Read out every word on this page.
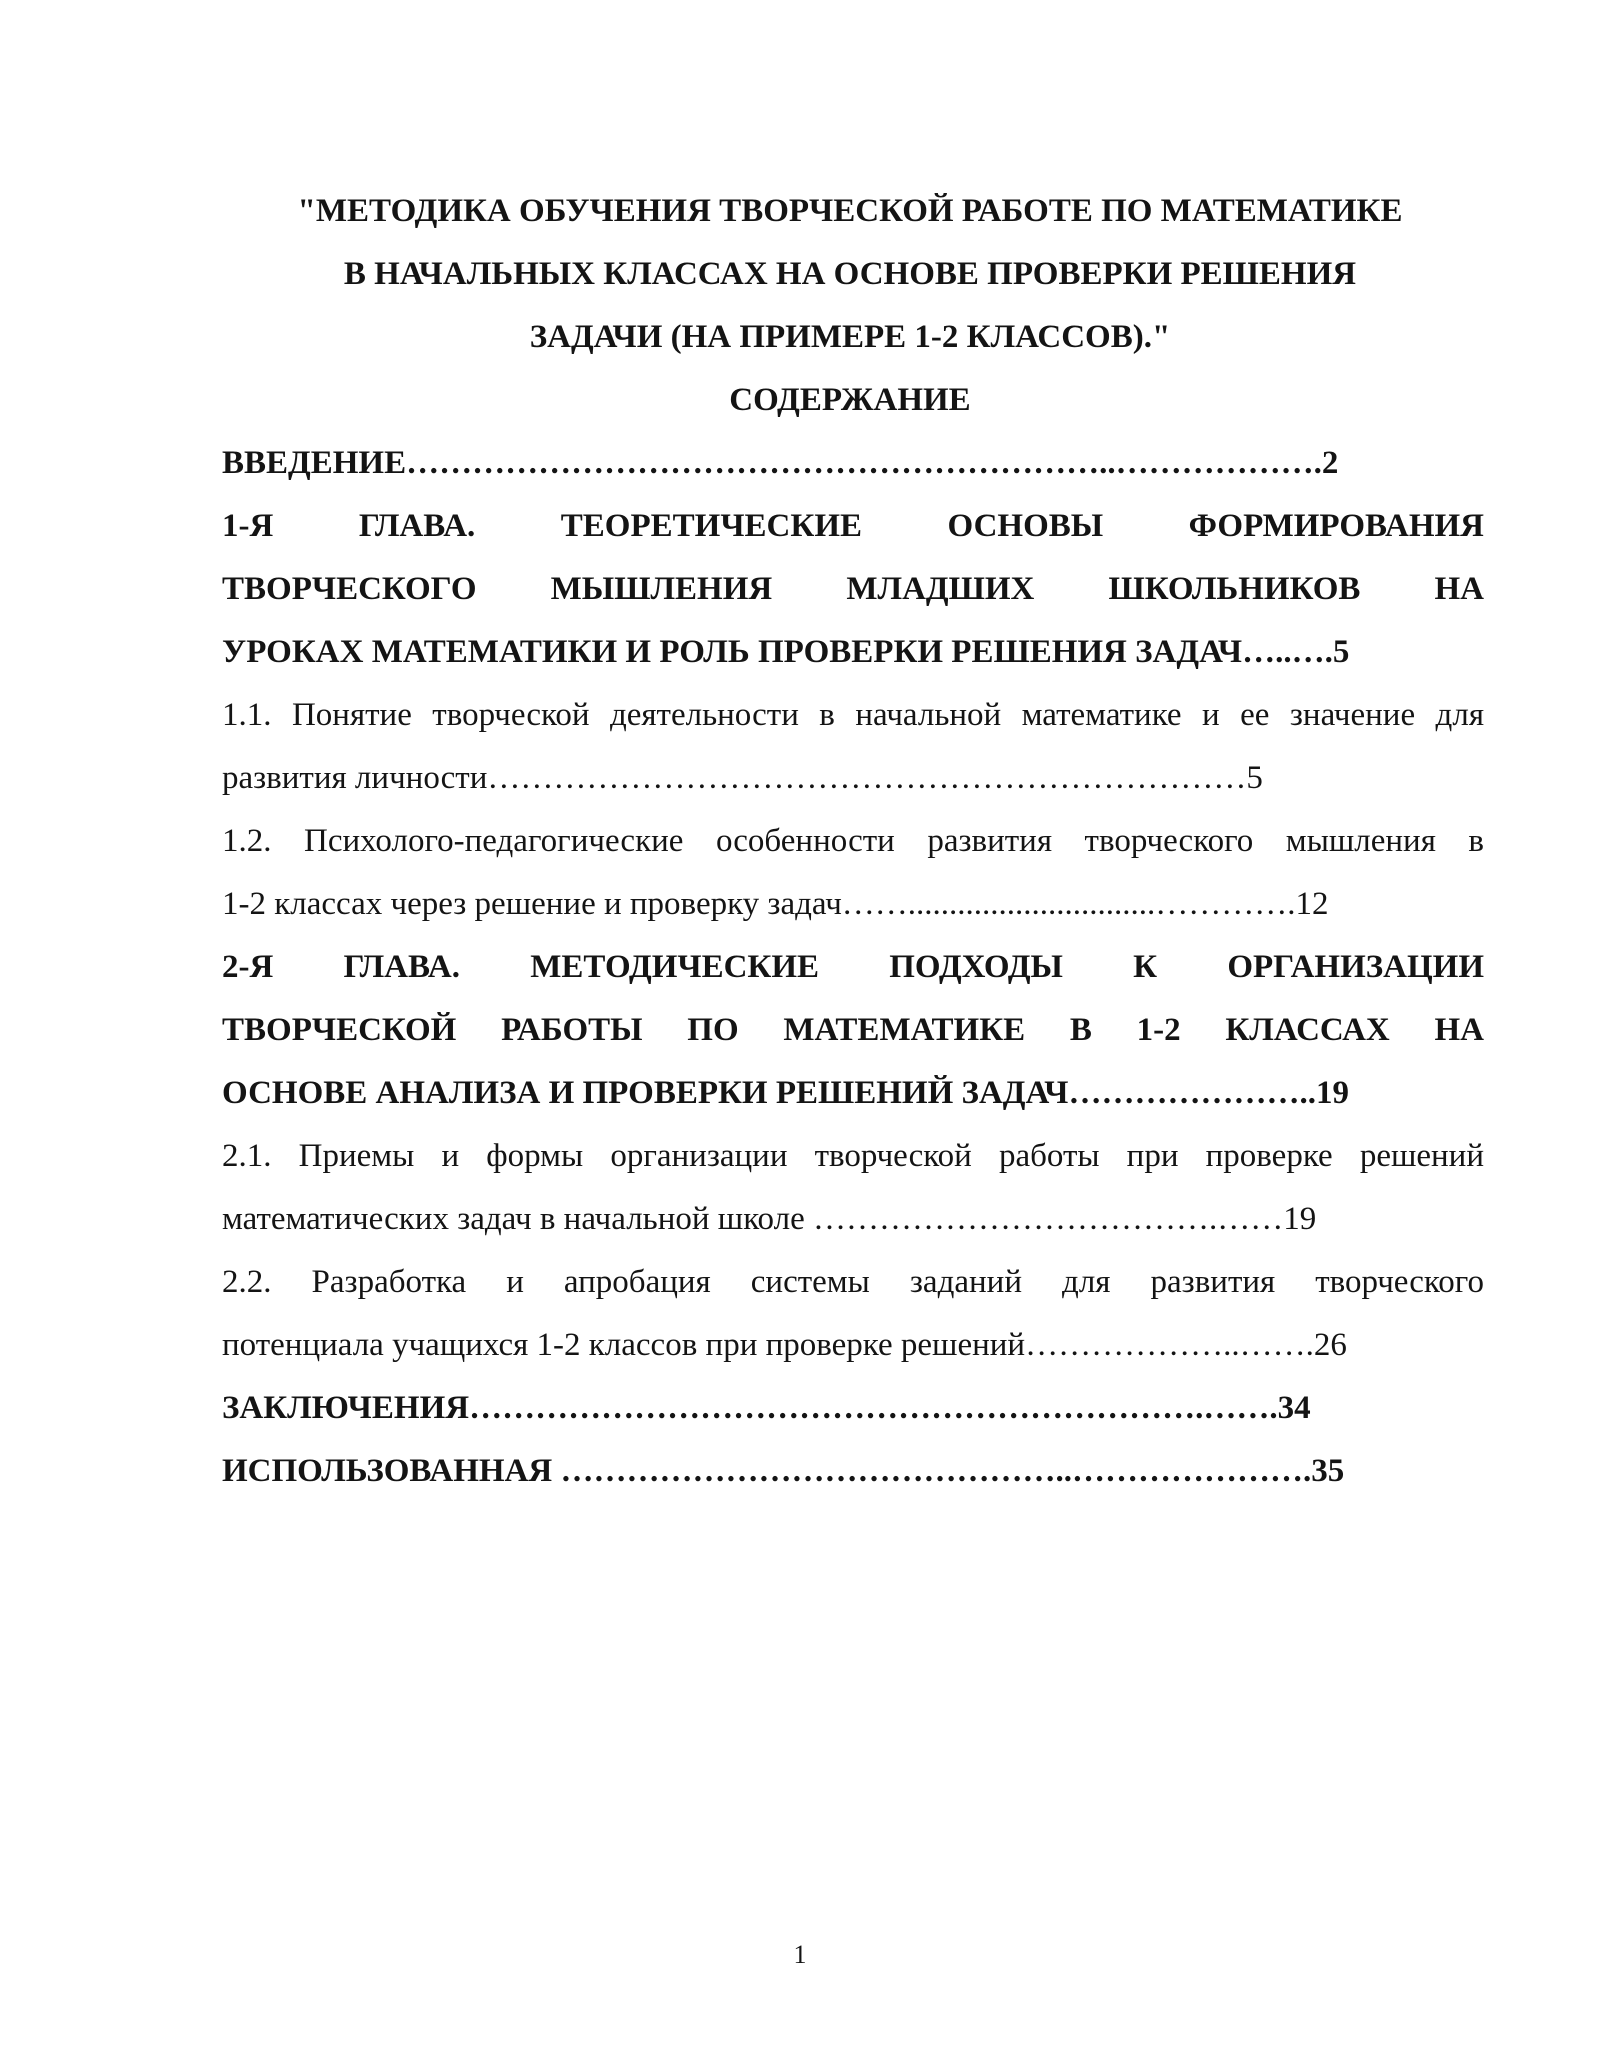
"МЕТОДИКА ОБУЧЕНИЯ ТВОРЧЕСКОЙ РАБОТЕ ПО МАТЕМАТИКЕ
В НАЧАЛЬНЫХ КЛАССАХ НА ОСНОВЕ ПРОВЕРКИ РЕШЕНИЯ
ЗАДАЧИ (НА ПРИМЕРЕ 1-2 КЛАССОВ)."
СОДЕРЖАНИЕ
ВВЕДЕНИЕ………………………………………………………..……………….2
1-Я ГЛАВА. ТЕОРЕТИЧЕСКИЕ ОСНОВЫ ФОРМИРОВАНИЯ
ТВОРЧЕСКОГО МЫШЛЕНИЯ МЛАДШИХ ШКОЛЬНИКОВ НА
УРОКАХ МАТЕМАТИКИ И РОЛЬ ПРОВЕРКИ РЕШЕНИЯ ЗАДАЧ…..….5
1.1. Понятие творческой деятельности в начальной математике и ее значение для
развития личности……………………………………………………………5
1.2. Психолого-педагогические особенности развития творческого мышления в
1-2 классах через решение и проверку задач……..............................………….12
2-Я ГЛАВА. МЕТОДИЧЕСКИЕ ПОДХОДЫ К ОРГАНИЗАЦИИ
ТВОРЧЕСКОЙ РАБОТЫ ПО МАТЕМАТИКЕ В 1-2 КЛАССАХ НА
ОСНОВЕ АНАЛИЗА И ПРОВЕРКИ РЕШЕНИЙ ЗАДАЧ…………………..19
2.1. Приемы и формы организации творческой работы при проверке решений
математических задач в начальной школе ……………………………….……19
2.2. Разработка и апробация системы заданий для развития творческого
потенциала учащихся 1-2 классов при проверке решений………………..…….26
ЗАКЛЮЧЕНИЯ………………………………………………………….…….34
ИСПОЛЬЗОВАННАЯ ………………………………………..………………….35
1
